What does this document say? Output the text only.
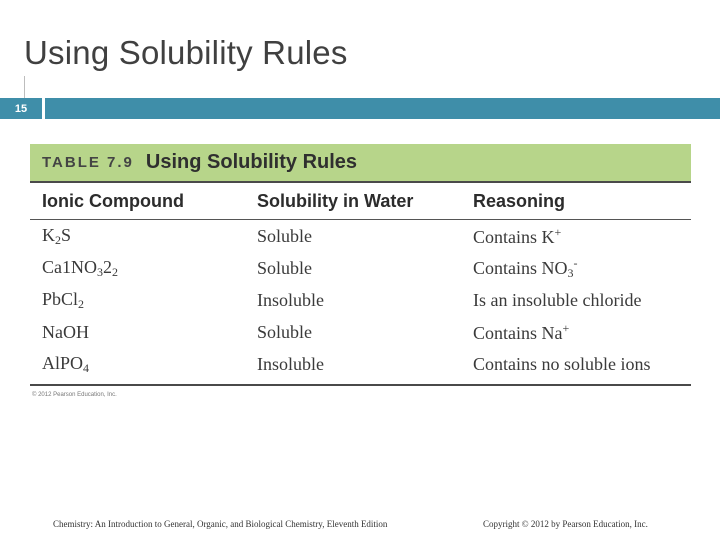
Using Solubility Rules
15
TABLE 7.9 Using Solubility Rules
Ionic Compound	Solubility in Water	Reasoning
$K_2S$	Soluble	Contains K+
$Ca1NO_32_2$	Soluble	Contains $NO_3^-$
PbCl$_2$	Insoluble	Is an insoluble chloride
NaOH	Soluble	Contains Na+
AlPO$_4$	Insoluble	Contains no soluble ions
© 2012 Pearson Education, Inc.
Chemistry: An Introduction to General, Organic, and Biological Chemistry, Eleventh Edition	Copyright © 2012 by Pearson Education, Inc.
